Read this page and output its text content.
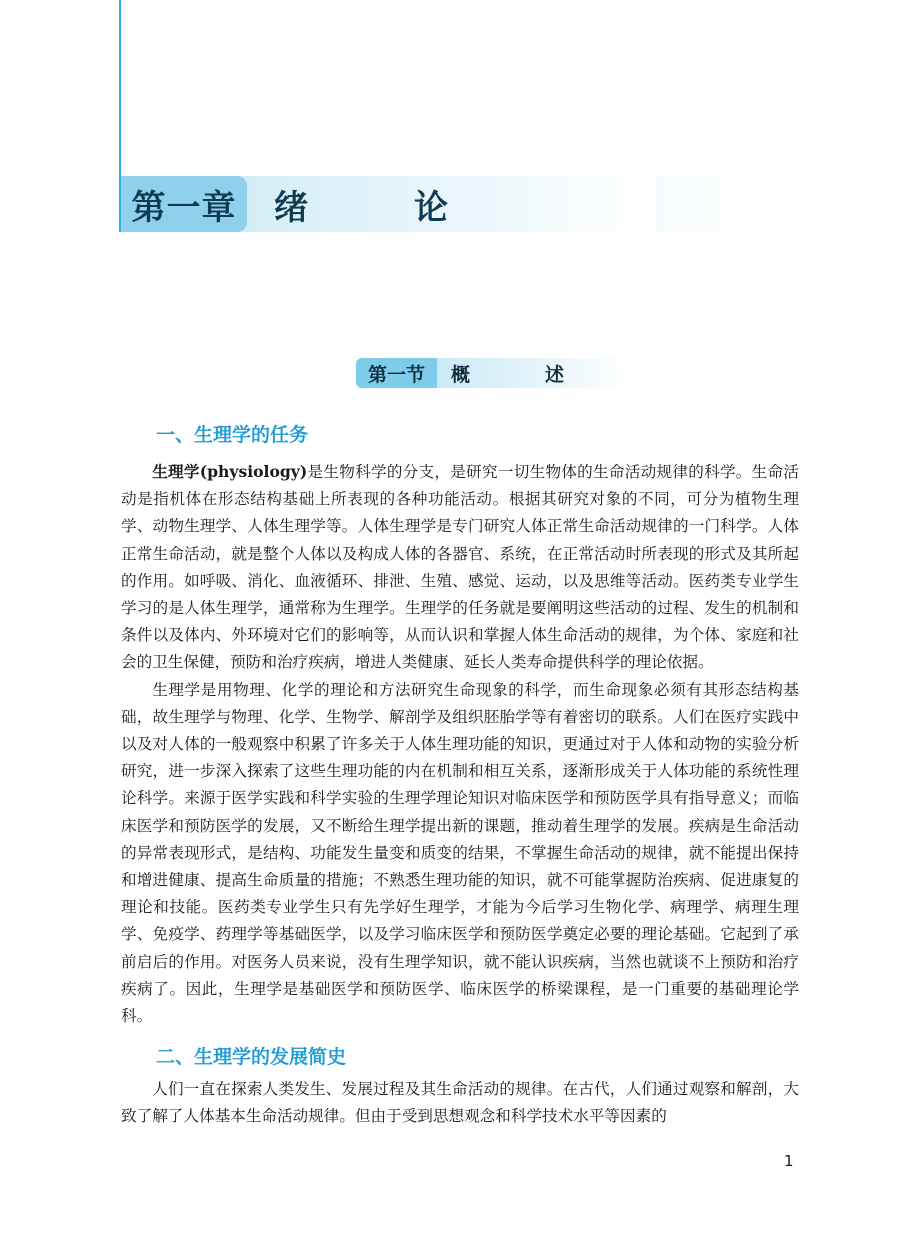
第一章	绪　论
第一节	概　述
一、生理学的任务

生理学(physiology)是生物科学的分支，是研究一切生物体的生命活动规律的科学。生命活动是指机体在形态结构基础上所表现的各种功能活动。根据其研究对象的不同，可分为植物生理学、动物生理学、人体生理学等。人体生理学是专门研究人体正常生命活动规律的一门科学。人体正常生命活动，就是整个人体以及构成人体的各器官、系统，在正常活动时所表现的形式及其所起的作用。如呼吸、消化、血液循环、排泄、生殖、感觉、运动，以及思维等活动。医药类专业学生学习的是人体生理学，通常称为生理学。生理学的任务就是要阐明这些活动的过程、发生的机制和条件以及体内、外环境对它们的影响等，从而认识和掌握人体生命活动的规律，为个体、家庭和社会的卫生保健，预防和治疗疾病，增进人类健康、延长人类寿命提供科学的理论依据。

生理学是用物理、化学的理论和方法研究生命现象的科学，而生命现象必须有其形态结构基础，故生理学与物理、化学、生物学、解剖学及组织胚胎学等有着密切的联系。人们在医疗实践中以及对人体的一般观察中积累了许多关于人体生理功能的知识，更通过对于人体和动物的实验分析研究，进一步深入探索了这些生理功能的内在机制和相互关系，逐渐形成关于人体功能的系统性理论科学。来源于医学实践和科学实验的生理学理论知识对临床医学和预防医学具有指导意义；而临床医学和预防医学的发展，又不断给生理学提出新的课题，推动着生理学的发展。疾病是生命活动的异常表现形式，是结构、功能发生量变和质变的结果，不掌握生命活动的规律，就不能提出保持和增进健康、提高生命质量的措施；不熟悉生理功能的知识，就不可能掌握防治疾病、促进康复的理论和技能。医药类专业学生只有先学好生理学，才能为今后学习生物化学、病理学、病理生理学、免疫学、药理学等基础医学，以及学习临床医学和预防医学奠定必要的理论基础。它起到了承前启后的作用。对医务人员来说，没有生理学知识，就不能认识疾病，当然也就谈不上预防和治疗疾病了。因此，生理学是基础医学和预防医学、临床医学的桥梁课程，是一门重要的基础理论学科。

二、生理学的发展简史

人们一直在探索人类发生、发展过程及其生命活动的规律。在古代，人们通过观察和解剖，大致了解了人体基本生命活动规律。但由于受到思想观念和科学技术水平等因素的

1
